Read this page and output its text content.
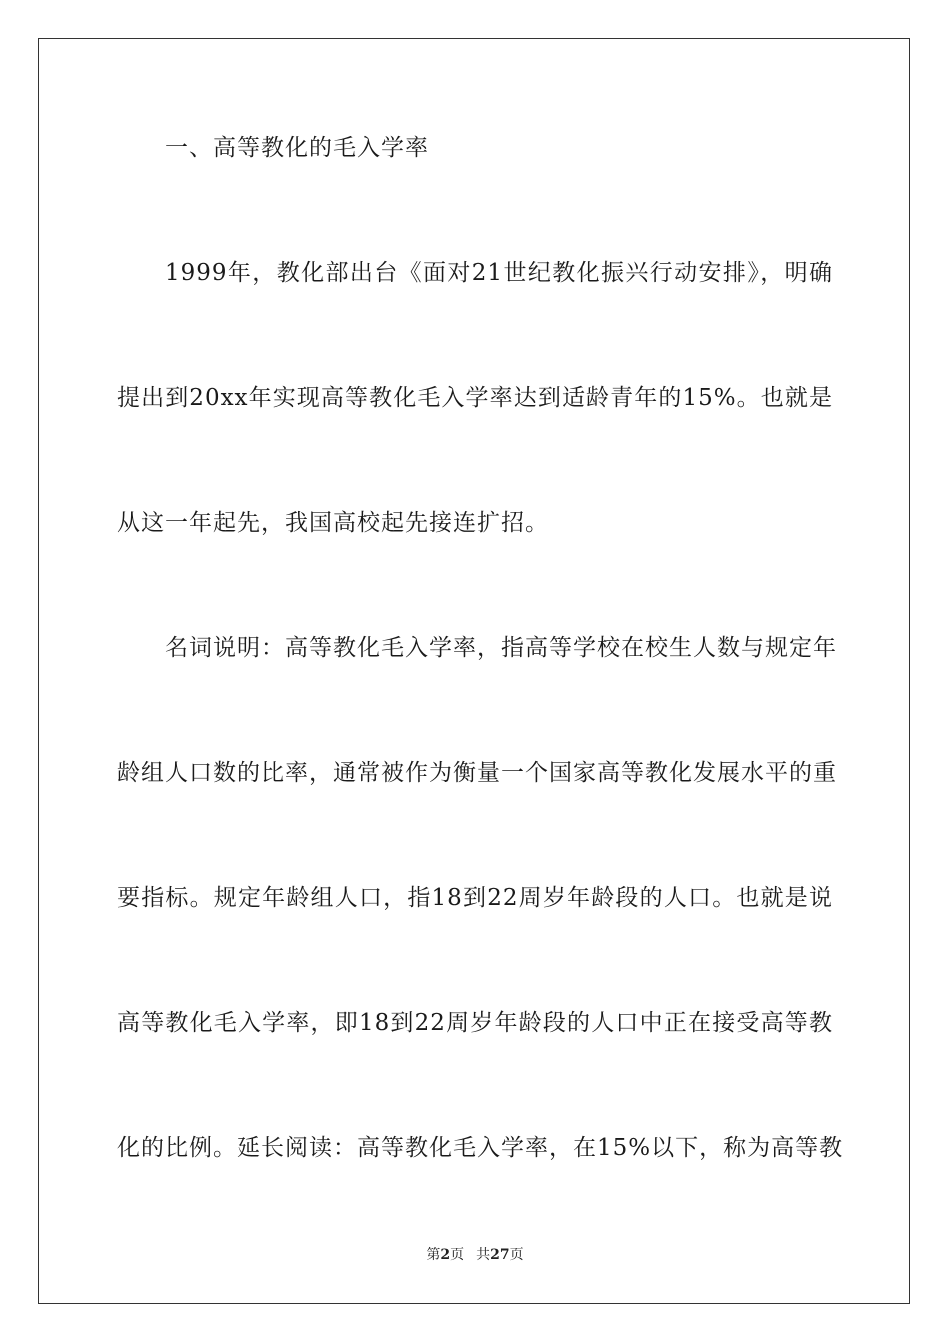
一、高等教化的毛入学率
1999年，教化部出台《面对21世纪教化振兴行动安排》，明确
提出到20xx年实现高等教化毛入学率达到适龄青年的15%。也就是
从这一年起先，我国高校起先接连扩招。
名词说明：高等教化毛入学率，指高等学校在校生人数与规定年
龄组人口数的比率，通常被作为衡量一个国家高等教化发展水平的重
要指标。规定年龄组人口，指18到22周岁年龄段的人口。也就是说
高等教化毛入学率，即18到22周岁年龄段的人口中正在接受高等教
化的比例。延长阅读：高等教化毛入学率，在15%以下，称为高等教
第2页 共27页
